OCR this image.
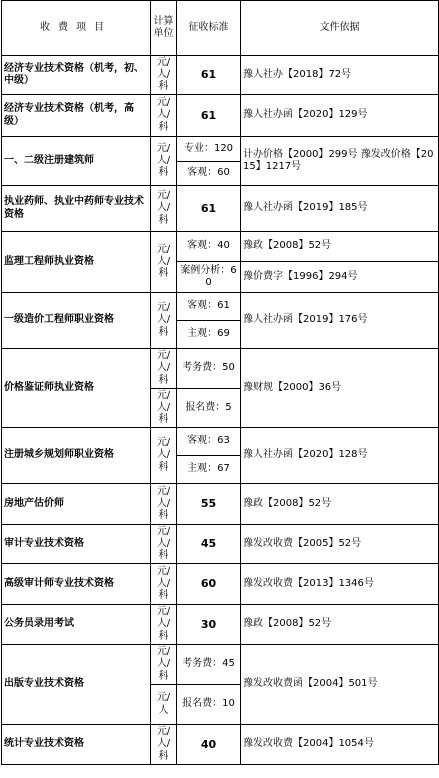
收费项目	计算单位	征收标准	文件依据
经济专业技术资格（机考，初、中级）	元/人/科	61	豫人社办【2018】72号
经济专业技术资格（机考，高级）	元/人/科	61	豫人社办函【2020】129号
一、二级注册建筑师	元/人/科	专业：120	计办价格【2000】299号 豫发改价格【2015】1217号
		客观：60	
执业药师、执业中药师专业技术资格	元/人/科	61	豫人社办函【2019】185号
监理工程师执业资格	元/人/科	客观：40	豫政【2008】52号
		案例分析：60	豫价费字【1996】294号
一级造价工程师职业资格	元/人/科	客观：61	豫人社办函【2019】176号
		主观：69	
价格鉴证师执业资格	元/人/科	考务费：50	豫财规【2000】36号
	元/人/科	报名费：5	
注册城乡规划师职业资格	元/人/科	客观：63	豫人社办函【2020】128号
		主观：67	
房地产估价师	元/人/科	55	豫政【2008】52号
审计专业技术资格	元/人/科	45	豫发改收费【2005】52号
高级审计师专业技术资格	元/人/科	60	豫发改收费【2013】1346号
公务员录用考试	元/人/科	30	豫政【2008】52号
出版专业技术资格	元/人/科	考务费：45	豫发改收费函【2004】501号
	元/人	报名费：10	
统计专业技术资格	元/人/科	40	豫发改收费【2004】1054号
